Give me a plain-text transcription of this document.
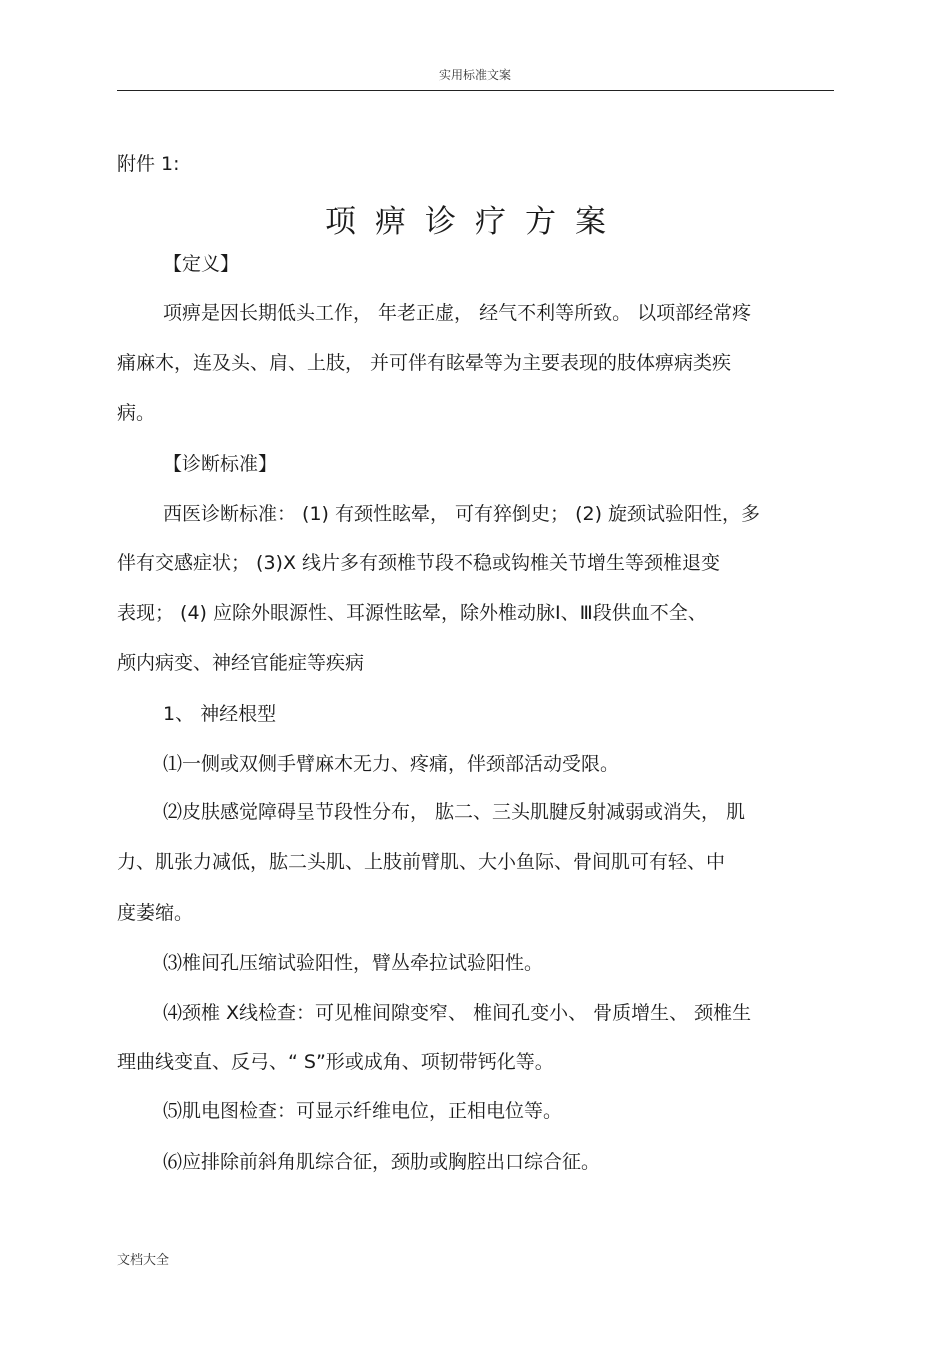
实用标准文案
附件 1:
项痹诊疗方案
【定义】
项痹是因长期低头工作， 年老正虚， 经气不利等所致。 以项部经常疼
痛麻木，连及头、肩、上肢， 并可伴有眩晕等为主要表现的肢体痹病类疾
病。
【诊断标准】
西医诊断标准： (1) 有颈性眩晕， 可有猝倒史； (2) 旋颈试验阳性，多
伴有交感症状； (3)X 线片多有颈椎节段不稳或钩椎关节增生等颈椎退变
表现； (4) 应除外眼源性、耳源性眩晕，除外椎动脉Ⅰ、Ⅲ段供血不全、
颅内病变、神经官能症等疾病
1、 神经根型
⑴一侧或双侧手臂麻木无力、疼痛，伴颈部活动受限。
⑵皮肤感觉障碍呈节段性分布， 肱二、三头肌腱反射减弱或消失， 肌
力、肌张力减低，肱二头肌、上肢前臂肌、大小鱼际、骨间肌可有轻、中
度萎缩。
⑶椎间孔压缩试验阳性，臂丛牵拉试验阳性。
⑷颈椎 X线检查：可见椎间隙变窄、 椎间孔变小、 骨质增生、 颈椎生
理曲线变直、反弓、“ S”形或成角、项韧带钙化等。
⑸肌电图检查：可显示纤维电位，正相电位等。
⑹应排除前斜角肌综合征，颈肋或胸腔出口综合征。
文档大全
